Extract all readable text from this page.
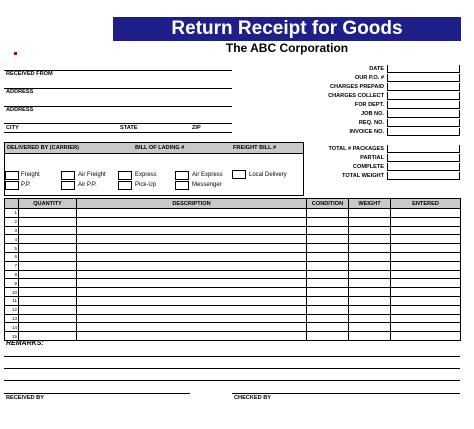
Return Receipt for Goods
The ABC Corporation
RECEIVED FROM
ADDRESS
ADDRESS
CITY	STATE	ZIP
DATE
OUR P.O. #
CHARGES PREPAID
CHARGES COLLECT
FOR DEPT.
JOB NO.
REQ. NO.
INVOICE NO.
DELIVERED BY (CARRIER)	BILL OF LADING #	FREIGHT BILL #
Freight	Air Freight	Express	Air Express	Local Delivery
P.P.	Air P.P.	Pick-Up	Messenger
TOTAL # PACKAGES
PARTIAL
COMPLETE
TOTAL WEIGHT
	QUANTITY	DESCRIPTION	CONDITION	WEIGHT	ENTERED
1					
2					
3					
4					
5					
6					
7					
8					
9					
10					
11					
12					
13					
14					
15					
REMARKS:
RECEIVED BY	CHECKED BY
